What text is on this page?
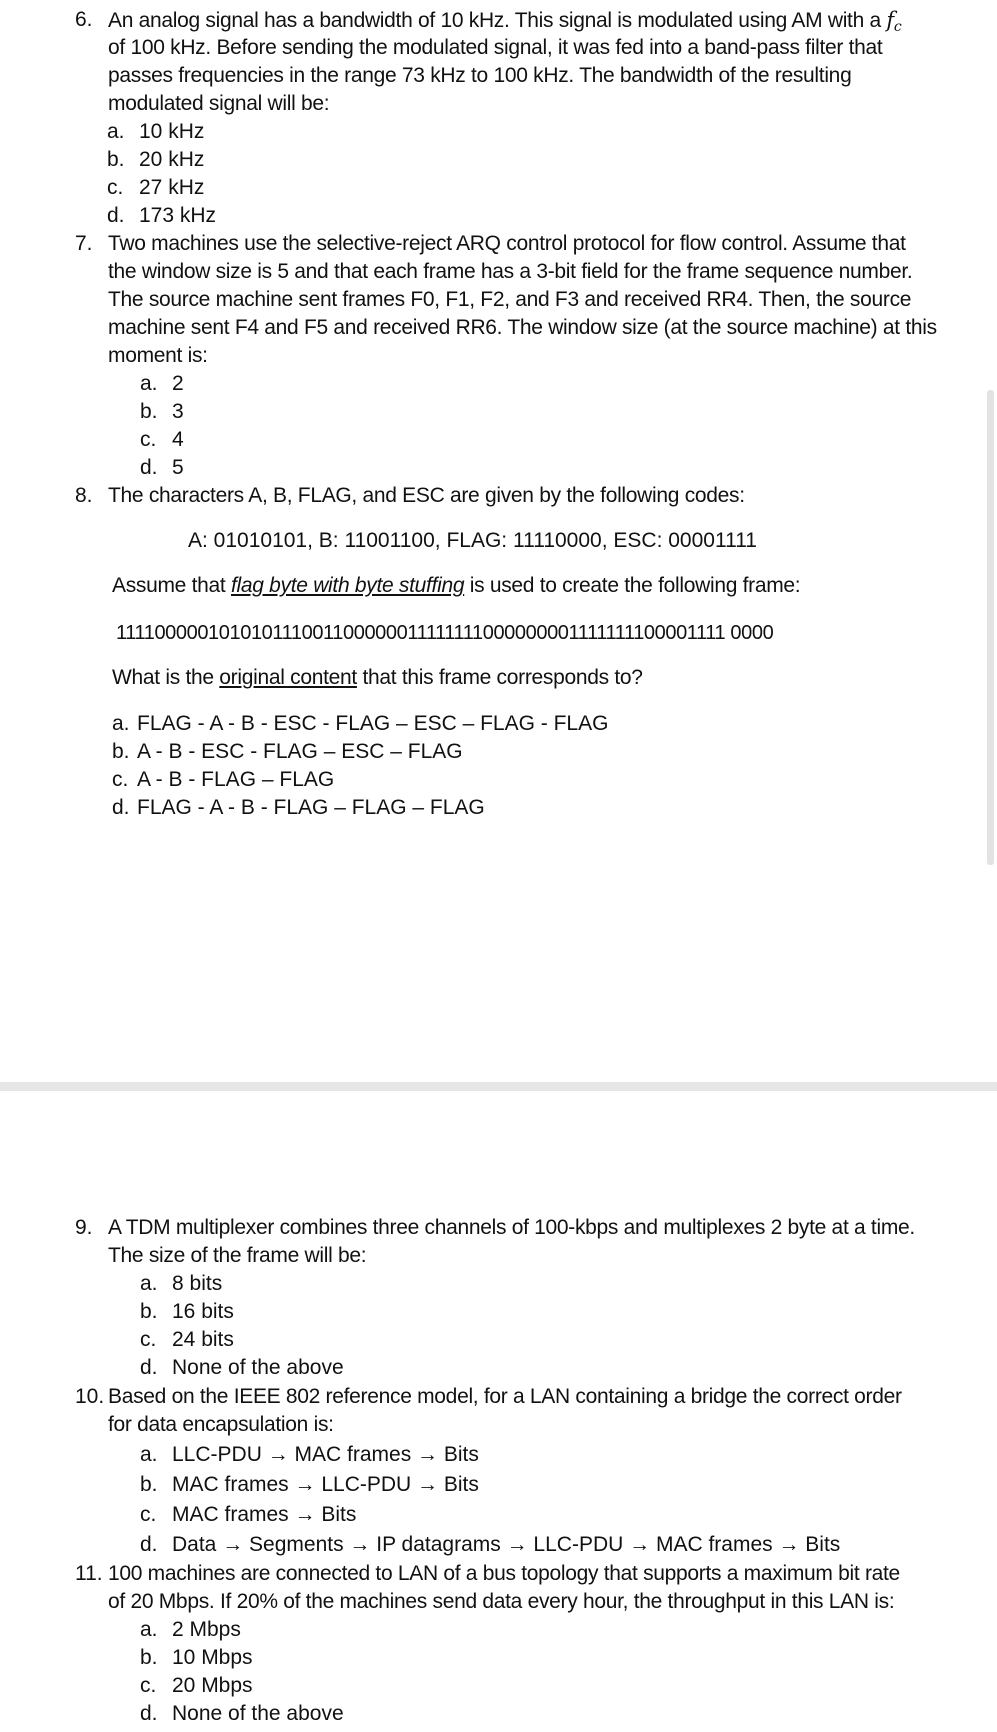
6. An analog signal has a bandwidth of 10 kHz. This signal is modulated using AM with a $f_c$
of 100 kHz. Before sending the modulated signal, it was fed into a band-pass filter that
passes frequencies in the range 73 kHz to 100 kHz. The bandwidth of the resulting
modulated signal will be:
a. 10 kHz
b. 20 kHz
c. 27 kHz
d. 173 kHz
7. Two machines use the selective-reject ARQ control protocol for flow control. Assume that
the window size is 5 and that each frame has a 3-bit field for the frame sequence number.
The source machine sent frames F0, F1, F2, and F3 and received RR4. Then, the source
machine sent F4 and F5 and received RR6. The window size (at the source machine) at this
moment is:
a. 2
b. 3
c. 4
d. 5
8. The characters A, B, FLAG, and ESC are given by the following codes:
A: 01010101, B: 11001100, FLAG: 11110000, ESC: 00001111
Assume that flag byte with byte stuffing is used to create the following frame:
111100000101010111001100000011111111000000001111111100001111 0000
What is the original content that this frame corresponds to?
a. FLAG - A - B - ESC - FLAG – ESC – FLAG - FLAG
b. A - B - ESC - FLAG – ESC – FLAG
c. A - B - FLAG – FLAG
d. FLAG - A - B - FLAG – FLAG – FLAG
9. A TDM multiplexer combines three channels of 100-kbps and multiplexes 2 byte at a time.
The size of the frame will be:
a. 8 bits
b. 16 bits
c. 24 bits
d. None of the above
10. Based on the IEEE 802 reference model, for a LAN containing a bridge the correct order
for data encapsulation is:
a. LLC-PDU → MAC frames → Bits
b. MAC frames → LLC-PDU → Bits
c. MAC frames → Bits
d. Data → Segments → IP datagrams → LLC-PDU → MAC frames → Bits
11. 100 machines are connected to LAN of a bus topology that supports a maximum bit rate
of 20 Mbps. If 20% of the machines send data every hour, the throughput in this LAN is:
a. 2 Mbps
b. 10 Mbps
c. 20 Mbps
d. None of the above
